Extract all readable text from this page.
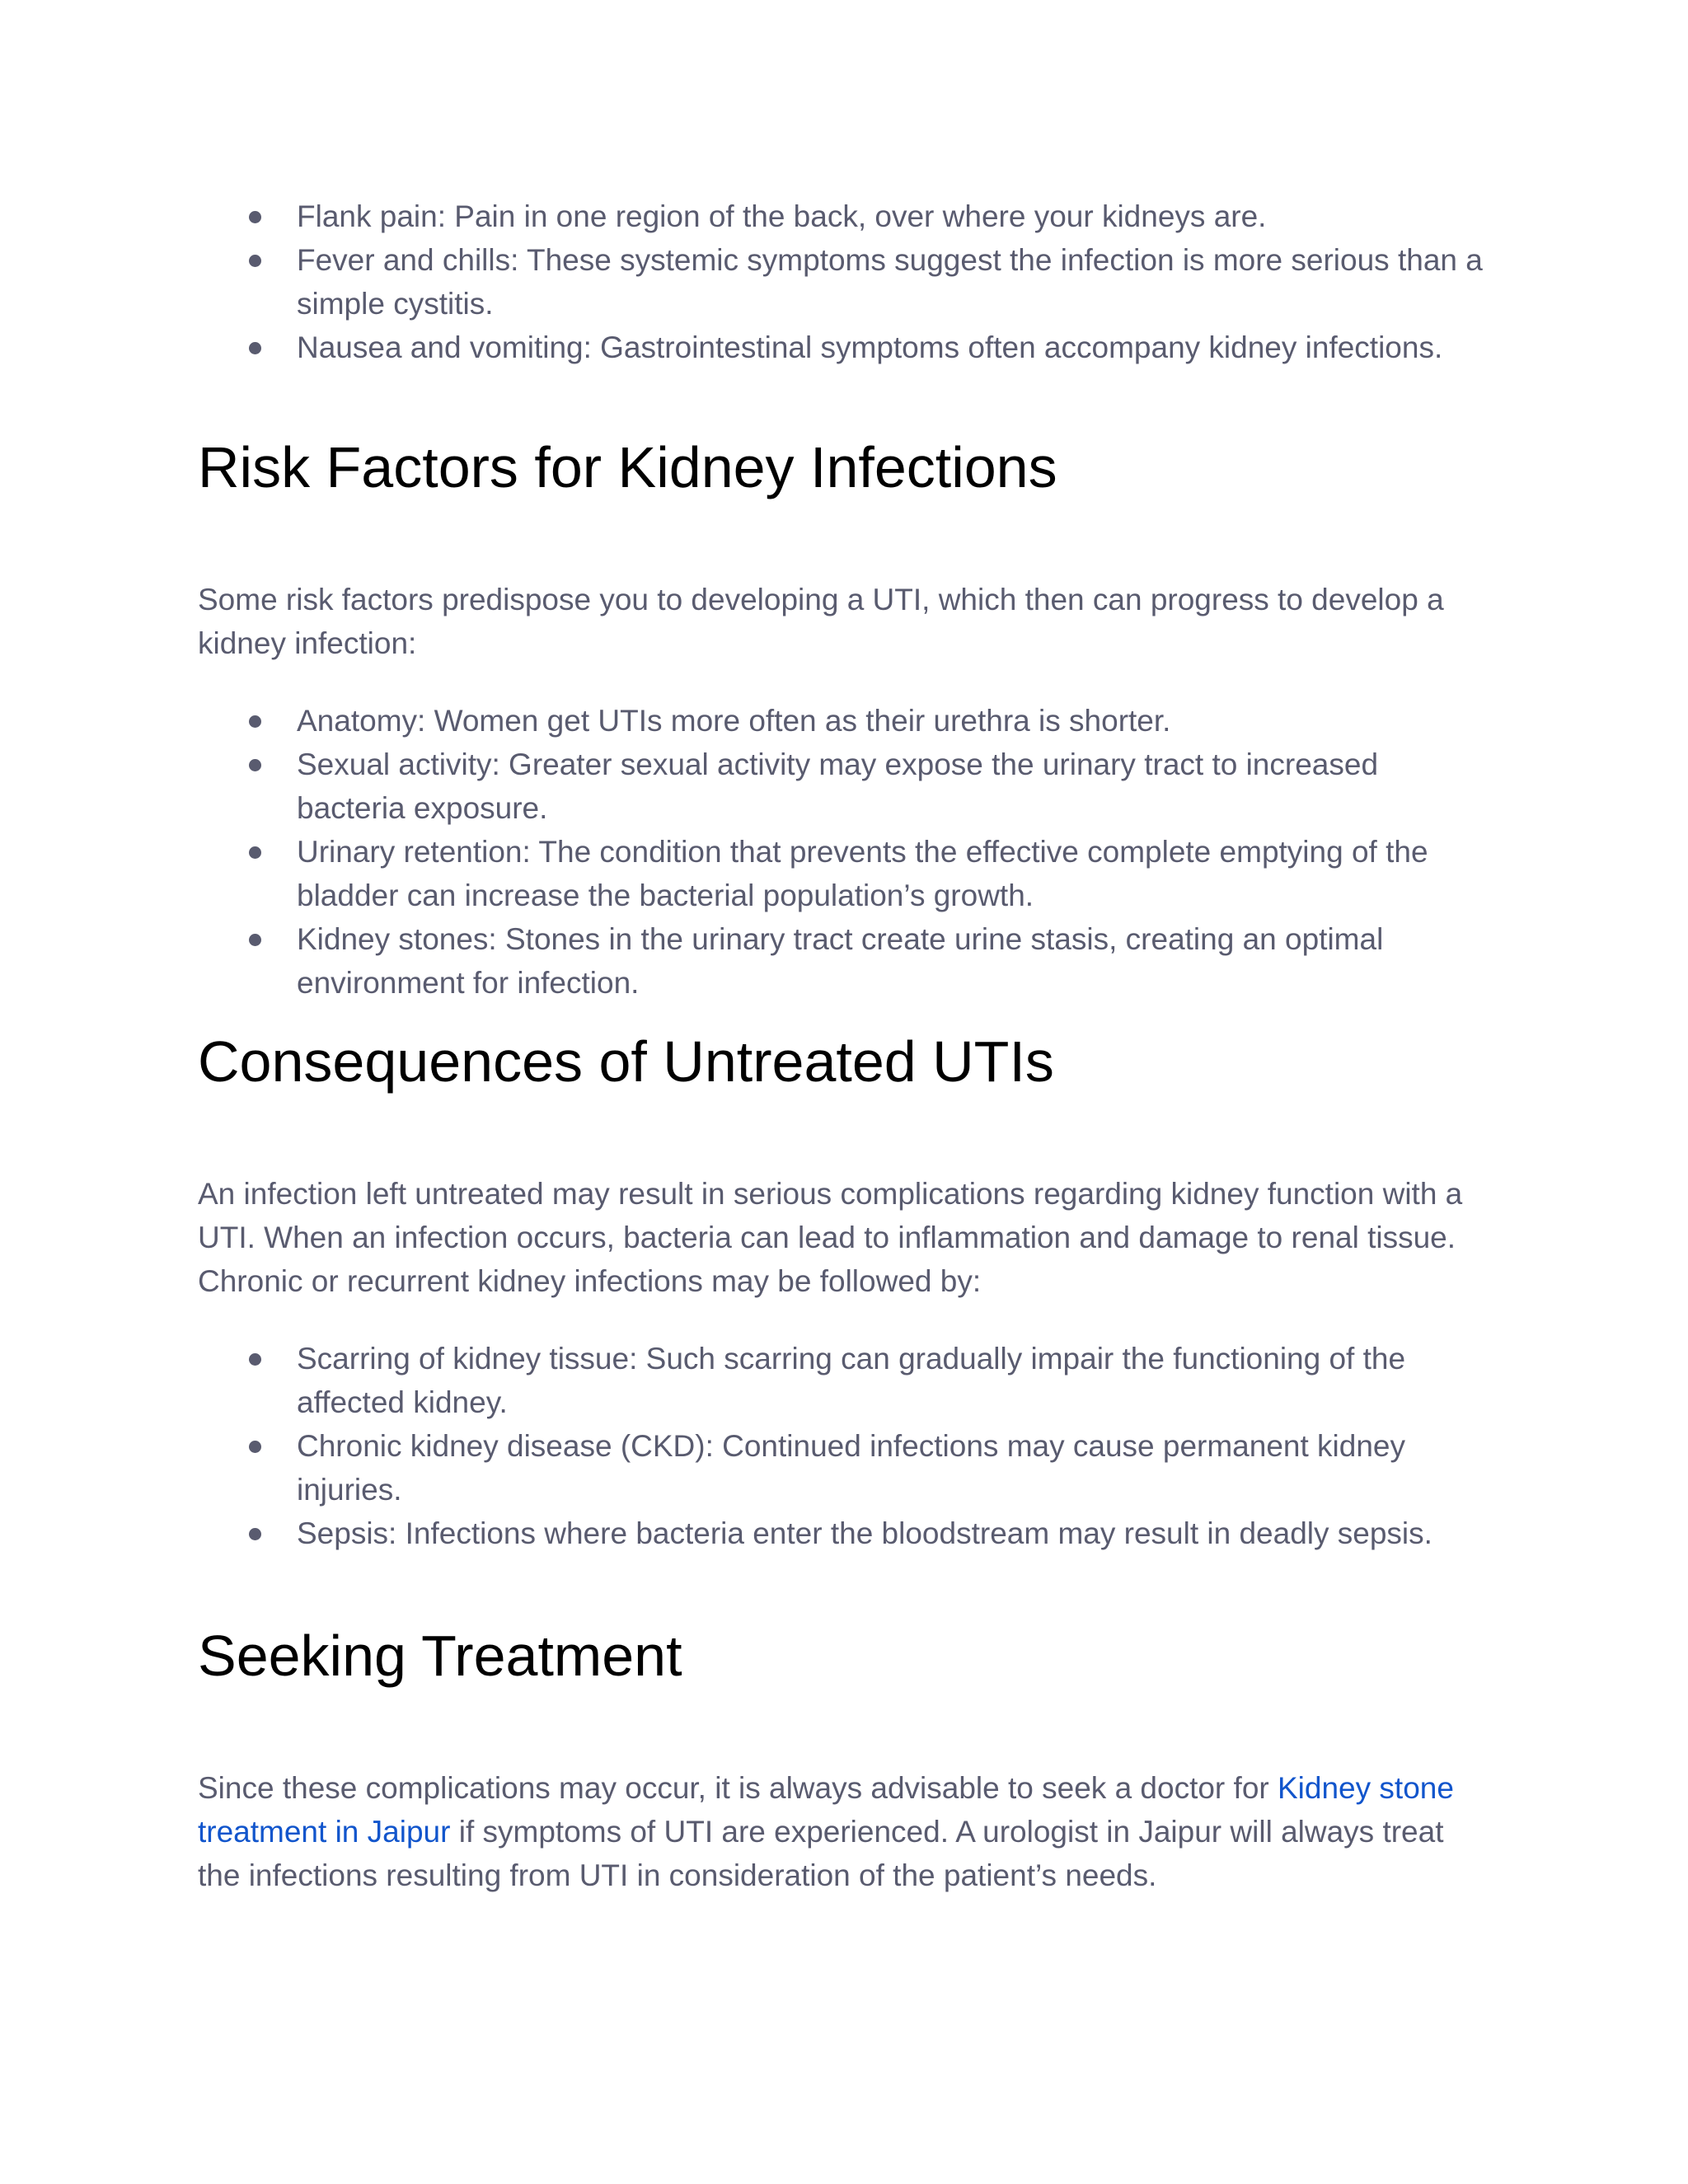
Flank pain: Pain in one region of the back, over where your kidneys are.
Fever and chills: These systemic symptoms suggest the infection is more serious than a simple cystitis.
Nausea and vomiting: Gastrointestinal symptoms often accompany kidney infections.
Risk Factors for Kidney Infections

Some risk factors predispose you to developing a UTI, which then can progress to develop a kidney infection:

Anatomy: Women get UTIs more often as their urethra is shorter.
Sexual activity: Greater sexual activity may expose the urinary tract to increased bacteria exposure.
Urinary retention: The condition that prevents the effective complete emptying of the bladder can increase the bacterial population’s growth.
Kidney stones: Stones in the urinary tract create urine stasis, creating an optimal environment for infection.
Consequences of Untreated UTIs

An infection left untreated may result in serious complications regarding kidney function with a UTI. When an infection occurs, bacteria can lead to inflammation and damage to renal tissue. Chronic or recurrent kidney infections may be followed by:

Scarring of kidney tissue: Such scarring can gradually impair the functioning of the affected kidney.
Chronic kidney disease (CKD): Continued infections may cause permanent kidney injuries.
Sepsis: Infections where bacteria enter the bloodstream may result in deadly sepsis.
Seeking Treatment

Since these complications may occur, it is always advisable to seek a doctor for Kidney stone treatment in Jaipur if symptoms of UTI are experienced. A urologist in Jaipur will always treat the infections resulting from UTI in consideration of the patient’s needs.
